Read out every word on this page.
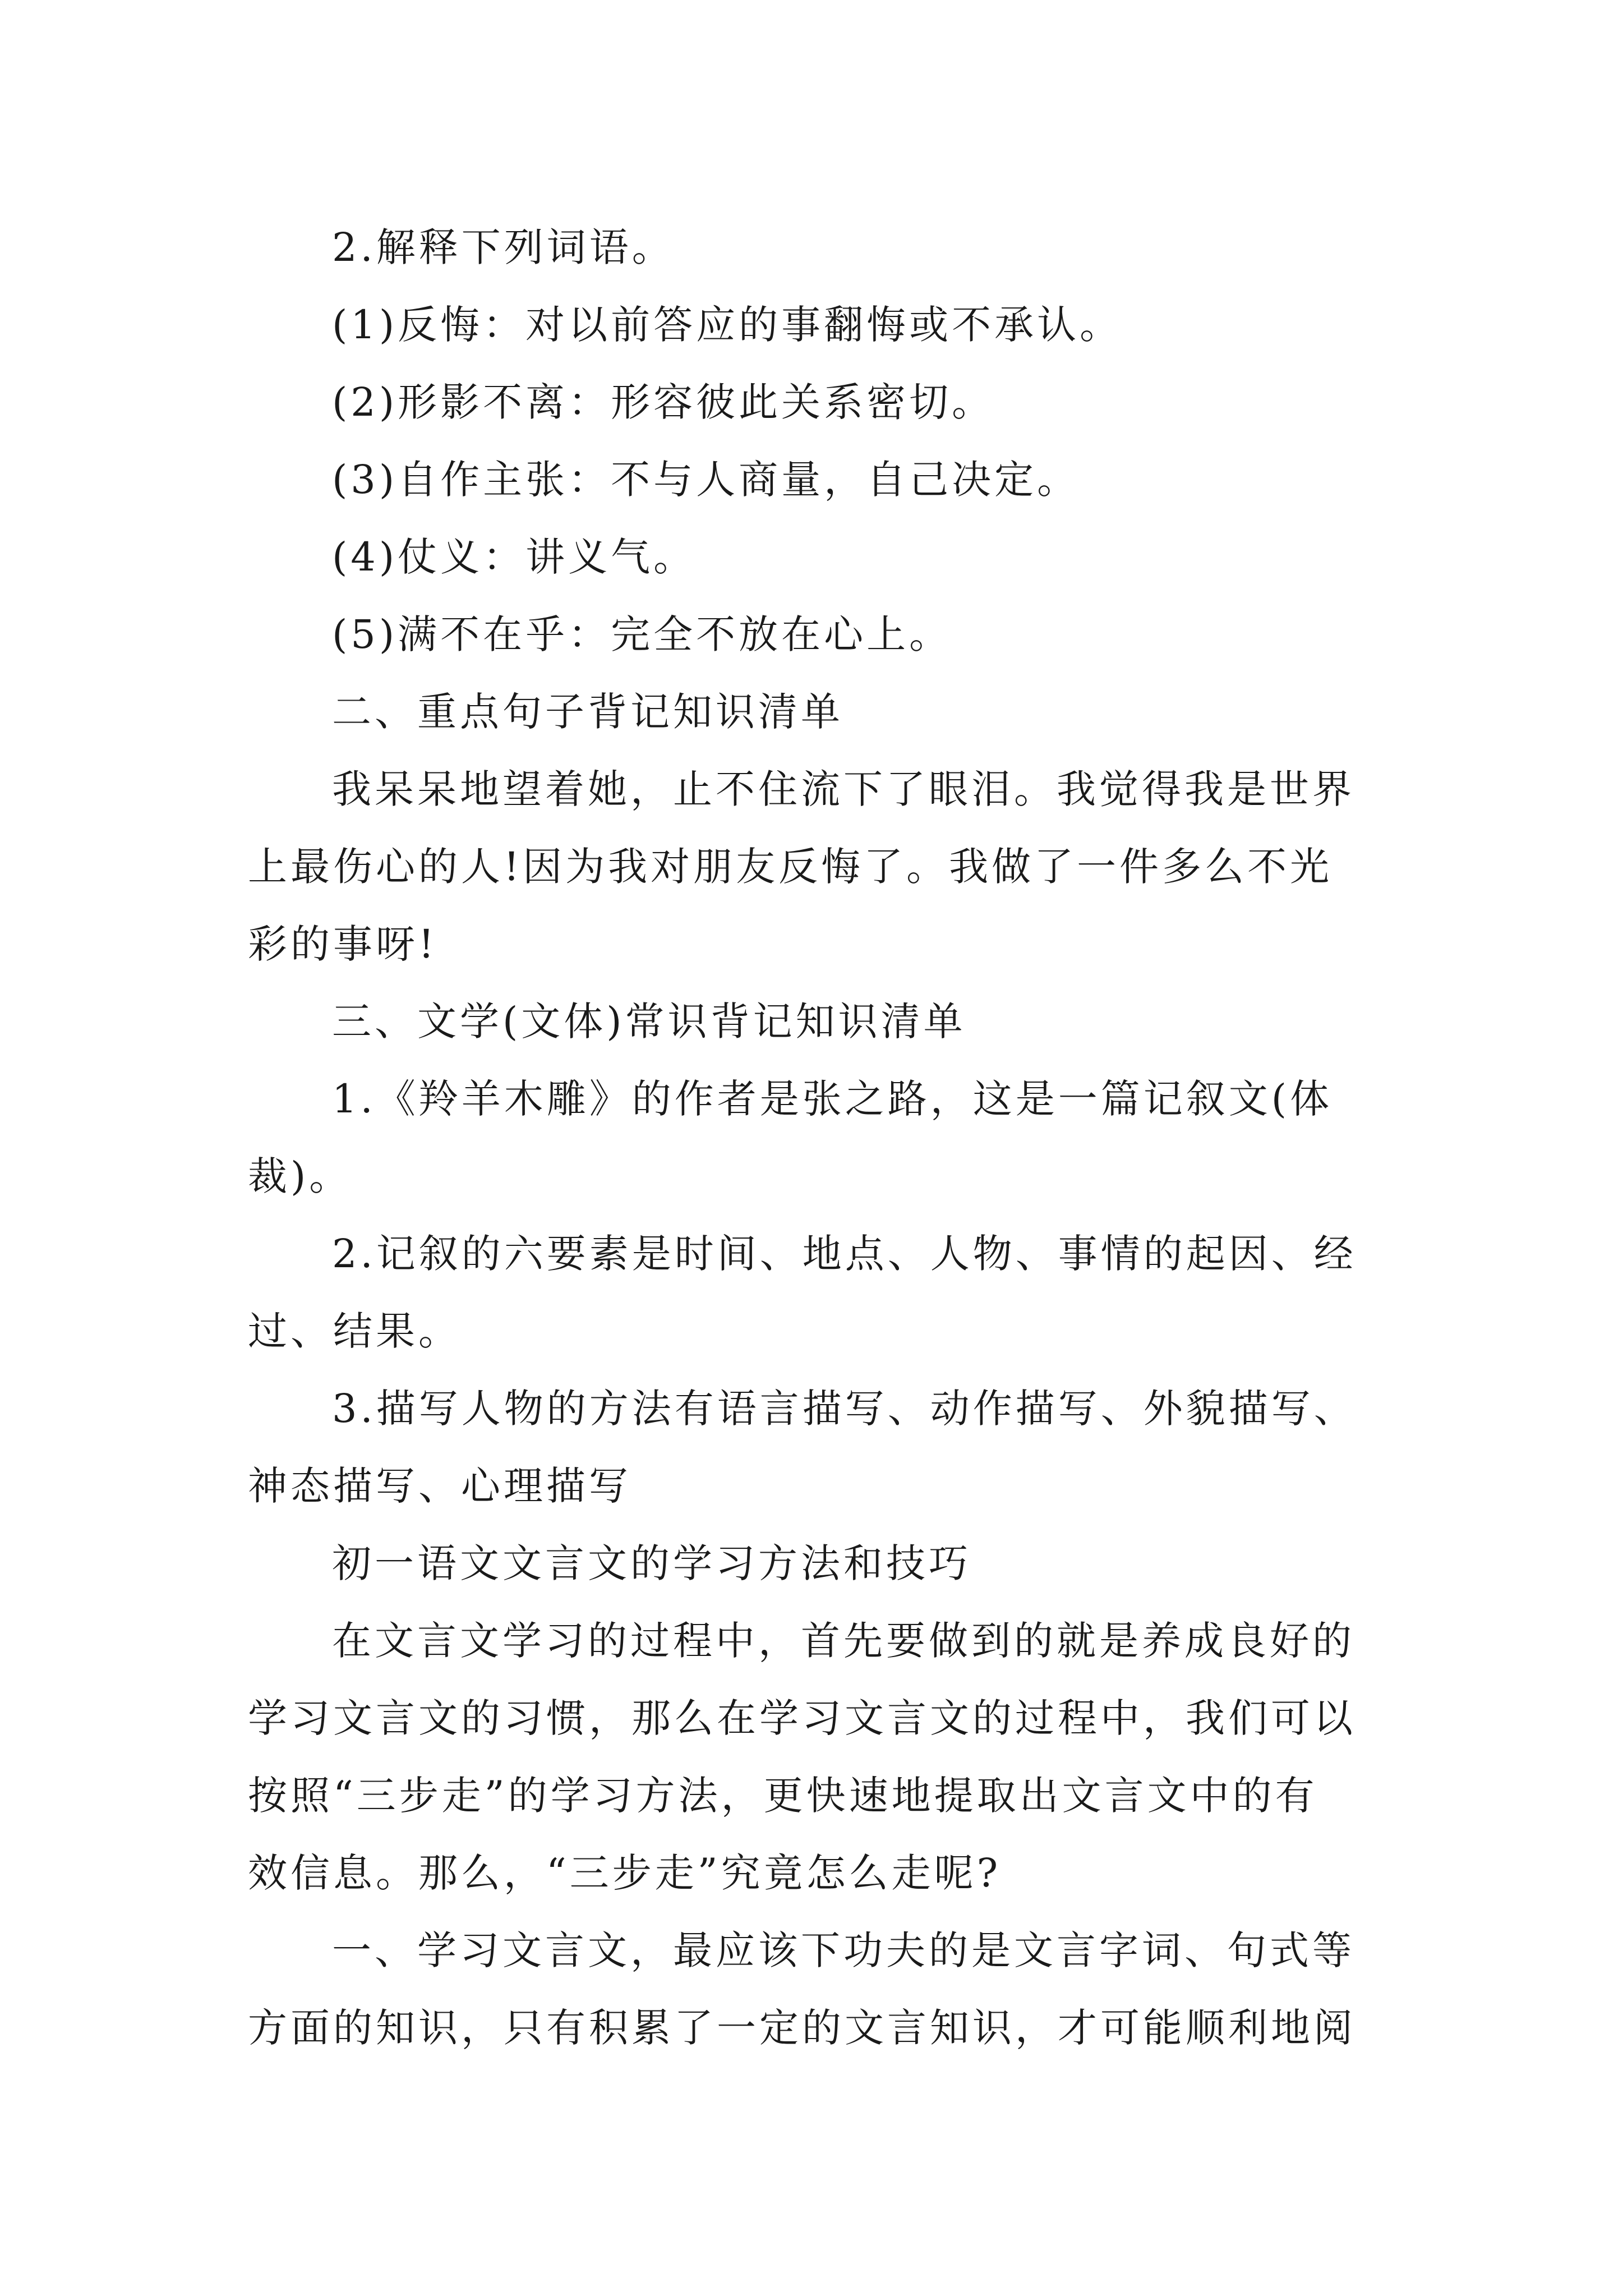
2.解释下列词语。
(1)反悔：对以前答应的事翻悔或不承认。
(2)形影不离：形容彼此关系密切。
(3)自作主张：不与人商量，自己决定。
(4)仗义：讲义气。
(5)满不在乎：完全不放在心上。
二、重点句子背记知识清单
我呆呆地望着她，止不住流下了眼泪。我觉得我是世界
上最伤心的人!因为我对朋友反悔了。我做了一件多么不光
彩的事呀!
三、文学(文体)常识背记知识清单
1.《羚羊木雕》的作者是张之路，这是一篇记叙文(体
裁)。
2.记叙的六要素是时间、地点、人物、事情的起因、经
过、结果。
3.描写人物的方法有语言描写、动作描写、外貌描写、
神态描写、心理描写
初一语文文言文的学习方法和技巧
在文言文学习的过程中，首先要做到的就是养成良好的
学习文言文的习惯，那么在学习文言文的过程中，我们可以
按照“三步走”的学习方法，更快速地提取出文言文中的有
效信息。那么，“三步走”究竟怎么走呢?
一、学习文言文，最应该下功夫的是文言字词、句式等
方面的知识，只有积累了一定的文言知识，才可能顺利地阅
